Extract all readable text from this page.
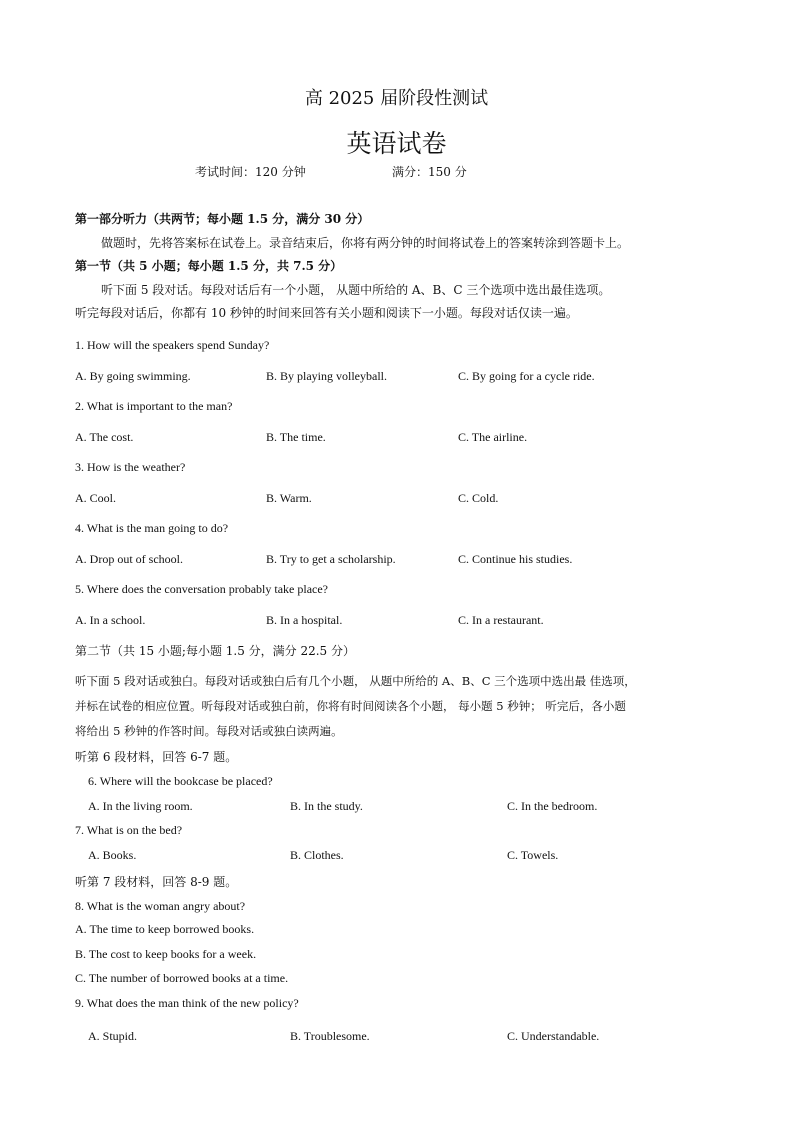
高 2025 届阶段性测试
英语试卷
考试时间：120 分钟	满分：150 分
第一部分听力（共两节；每小题 1.5 分，满分 30 分）
做题时，先将答案标在试卷上。录音结束后，你将有两分钟的时间将试卷上的答案转涂到答题卡上。
第一节（共 5 小题；每小题 1.5 分，共 7.5 分）
听下面 5 段对话。每段对话后有一个小题， 从题中所给的 A、B、C 三个选项中选出最佳选项。
听完每段对话后，你都有 10 秒钟的时间来回答有关小题和阅读下一小题。每段对话仅读一遍。
1. How will the speakers spend Sunday?
A. By going swimming.	B. By playing volleyball.	C. By going for a cycle ride.
2. What is important to the man?
A. The cost.	B. The time.	C. The airline.
3. How is the weather?
A. Cool.	B. Warm.	C. Cold.
4. What is the man going to do?
A. Drop out of school.	B. Try to get a scholarship.	C. Continue his studies.
5. Where does the conversation probably take place?
A. In a school.	B. In a hospital.	C. In a restaurant.
第二节（共 15 小题;每小题 1.5 分，满分 22.5 分）
听下面 5 段对话或独白。每段对话或独白后有几个小题， 从题中所给的 A、B、C 三个选项中选出最 佳选项，
并标在试卷的相应位置。听每段对话或独白前，你将有时间阅读各个小题， 每小题 5 秒钟； 听完后，各小题
将给出 5 秒钟的作答时间。每段对话或独白读两遍。
听第 6 段材料，回答 6-7 题。
6. Where will the bookcase be placed?
A. In the living room.	B. In the study.	C. In the bedroom.
7. What is on the bed?
A. Books.	B. Clothes.	C. Towels.
听第 7 段材料，回答 8-9 题。
8. What is the woman angry about?
A. The time to keep borrowed books.
B. The cost to keep books for a week.
C. The number of borrowed books at a time.
9. What does the man think of the new policy?
A. Stupid.	B. Troublesome.	C. Understandable.
